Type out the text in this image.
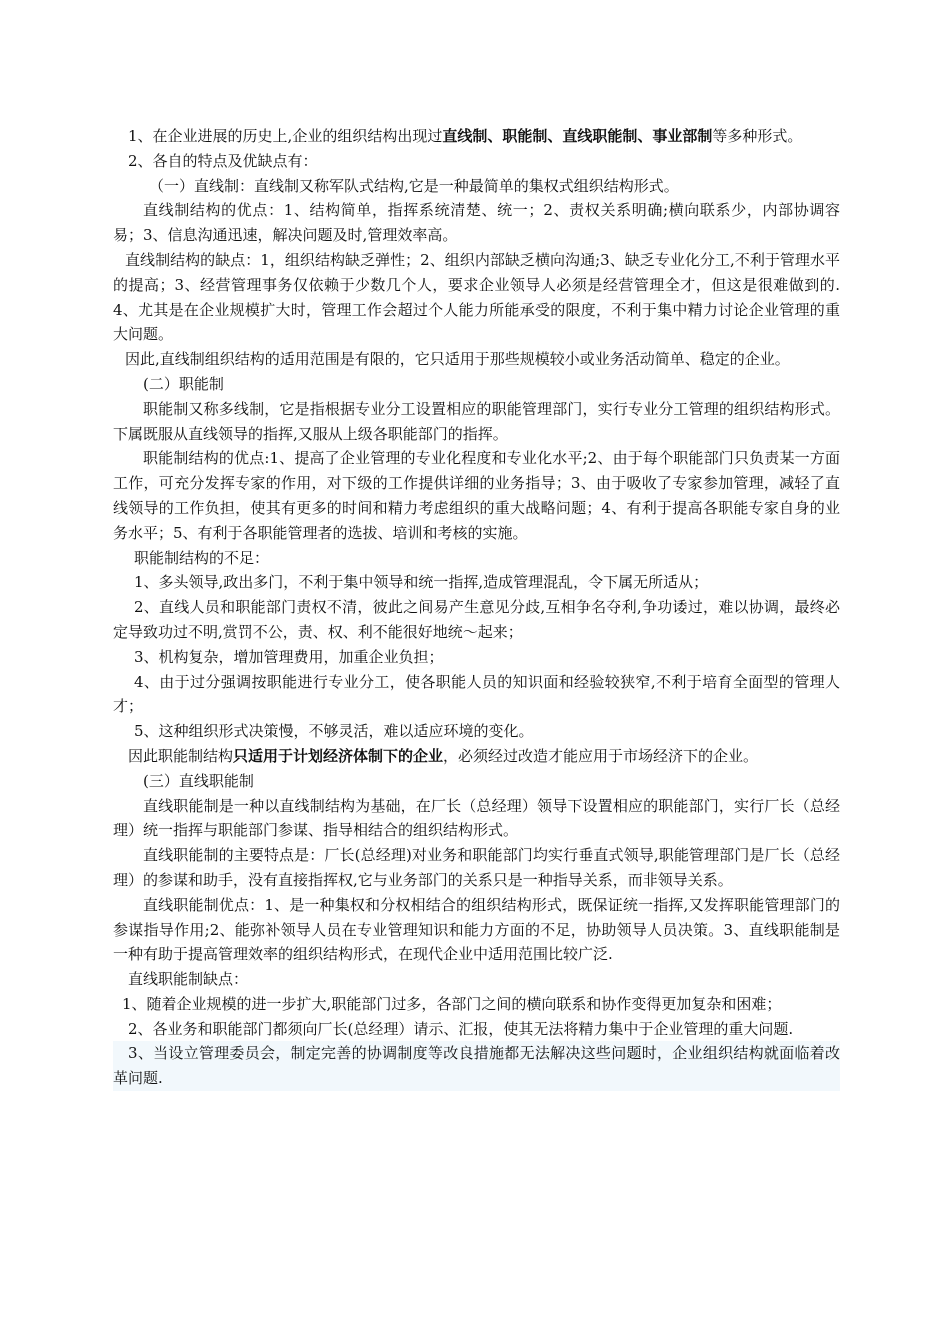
1、在企业进展的历史上,企业的组织结构出现过直线制、职能制、直线职能制、事业部制等多种形式。

2、各自的特点及优缺点有：

（一）直线制：直线制又称军队式结构,它是一种最简单的集权式组织结构形式。

直线制结构的优点：1、结构简单，指挥系统清楚、统一；2、责权关系明确;横向联系少，内部协调容易；3、信息沟通迅速，解决问题及时,管理效率高。

直线制结构的缺点：1，组织结构缺乏弹性；2、组织内部缺乏横向沟通;3、缺乏专业化分工,不利于管理水平的提高；3、经营管理事务仅依赖于少数几个人，要求企业领导人必须是经营管理全才，但这是很难做到的.4、尤其是在企业规模扩大时，管理工作会超过个人能力所能承受的限度，不利于集中精力讨论企业管理的重大问题。

因此,直线制组织结构的适用范围是有限的，它只适用于那些规模较小或业务活动简单、稳定的企业。

(二）职能制

职能制又称多线制，它是指根据专业分工设置相应的职能管理部门，实行专业分工管理的组织结构形式。下属既服从直线领导的指挥,又服从上级各职能部门的指挥。

职能制结构的优点:1、提高了企业管理的专业化程度和专业化水平;2、由于每个职能部门只负责某一方面工作，可充分发挥专家的作用，对下级的工作提供详细的业务指导；3、由于吸收了专家参加管理，减轻了直线领导的工作负担，使其有更多的时间和精力考虑组织的重大战略问题；4、有利于提高各职能专家自身的业务水平；5、有利于各职能管理者的选拔、培训和考核的实施。

职能制结构的不足：

1、多头领导,政出多门，不利于集中领导和统一指挥,造成管理混乱，令下属无所适从；

2、直线人员和职能部门责权不清，彼此之间易产生意见分歧,互相争名夺利,争功诿过，难以协调，最终必定导致功过不明,赏罚不公，责、权、利不能很好地统～起来；

3、机构复杂，增加管理费用，加重企业负担；

4、由于过分强调按职能进行专业分工，使各职能人员的知识面和经验较狭窄,不利于培育全面型的管理人才；

5、这种组织形式决策慢，不够灵活，难以适应环境的变化。

因此职能制结构只适用于计划经济体制下的企业，必须经过改造才能应用于市场经济下的企业。

(三）直线职能制

直线职能制是一种以直线制结构为基础，在厂长（总经理）领导下设置相应的职能部门，实行厂长（总经理）统一指挥与职能部门参谋、指导相结合的组织结构形式。

直线职能制的主要特点是：厂长(总经理)对业务和职能部门均实行垂直式领导,职能管理部门是厂长（总经理）的参谋和助手，没有直接指挥权,它与业务部门的关系只是一种指导关系，而非领导关系。

直线职能制优点：1、是一种集权和分权相结合的组织结构形式，既保证统一指挥,又发挥职能管理部门的参谋指导作用;2、能弥补领导人员在专业管理知识和能力方面的不足，协助领导人员决策。3、直线职能制是一种有助于提高管理效率的组织结构形式，在现代企业中适用范围比较广泛.

直线职能制缺点：

1、随着企业规模的进一步扩大,职能部门过多，各部门之间的横向联系和协作变得更加复杂和困难；

2、各业务和职能部门都须向厂长(总经理）请示、汇报，使其无法将精力集中于企业管理的重大问题.

3、当设立管理委员会，制定完善的协调制度等改良措施都无法解决这些问题时，企业组织结构就面临着改革问题.
